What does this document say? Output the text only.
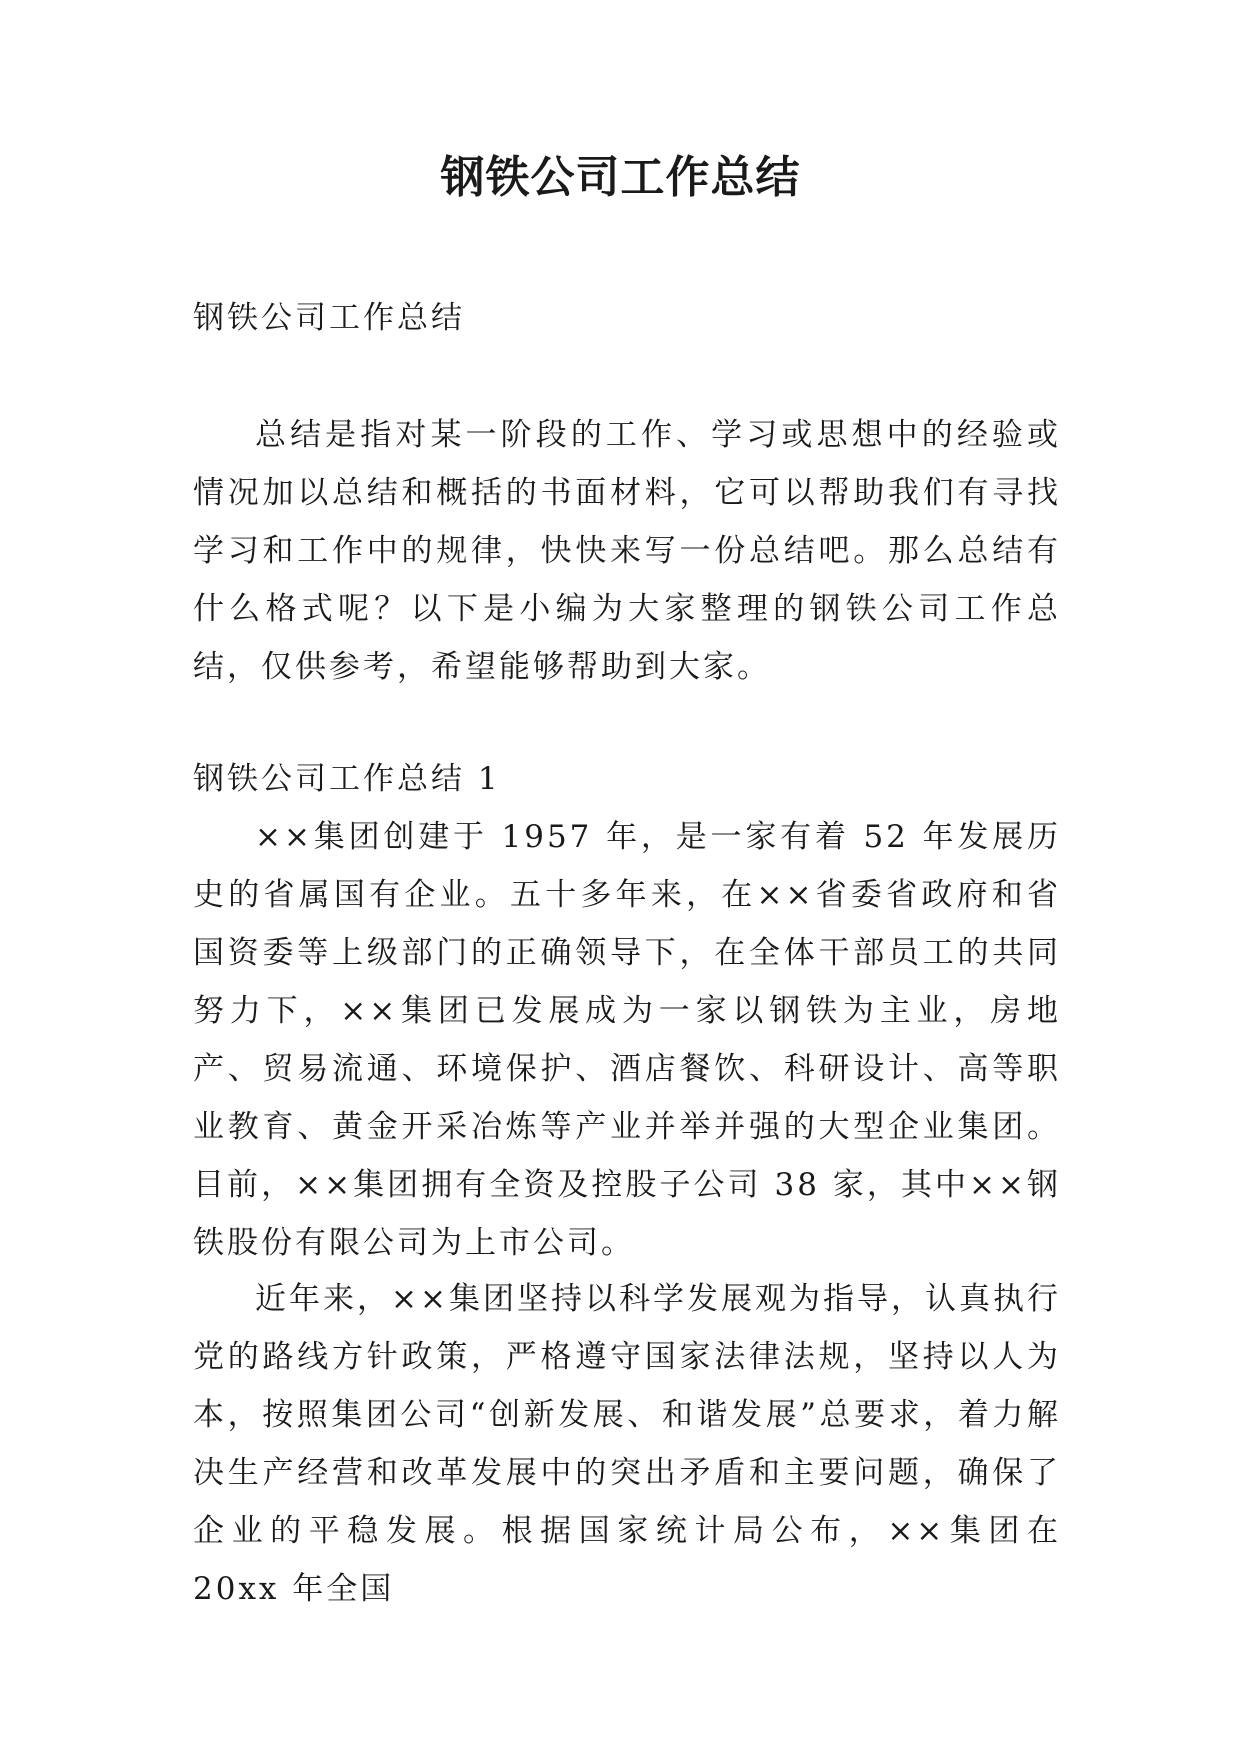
钢铁公司工作总结

钢铁公司工作总结

总结是指对某一阶段的工作、学习或思想中的经验或情况加以总结和概括的书面材料，它可以帮助我们有寻找学习和工作中的规律，快快来写一份总结吧。那么总结有什么格式呢？以下是小编为大家整理的钢铁公司工作总结，仅供参考，希望能够帮助到大家。

钢铁公司工作总结 1

××集团创建于 1957 年，是一家有着 52 年发展历史的省属国有企业。五十多年来，在××省委省政府和省国资委等上级部门的正确领导下，在全体干部员工的共同努力下，××集团已发展成为一家以钢铁为主业，房地产、贸易流通、环境保护、酒店餐饮、科研设计、高等职业教育、黄金开采冶炼等产业并举并强的大型企业集团。目前，××集团拥有全资及控股子公司 38 家，其中××钢铁股份有限公司为上市公司。

近年来，××集团坚持以科学发展观为指导，认真执行党的路线方针政策，严格遵守国家法律法规，坚持以人为本，按照集团公司“创新发展、和谐发展”总要求，着力解决生产经营和改革发展中的突出矛盾和主要问题，确保了企业的平稳发展。根据国家统计局公布，××集团在 20xx 年全国
